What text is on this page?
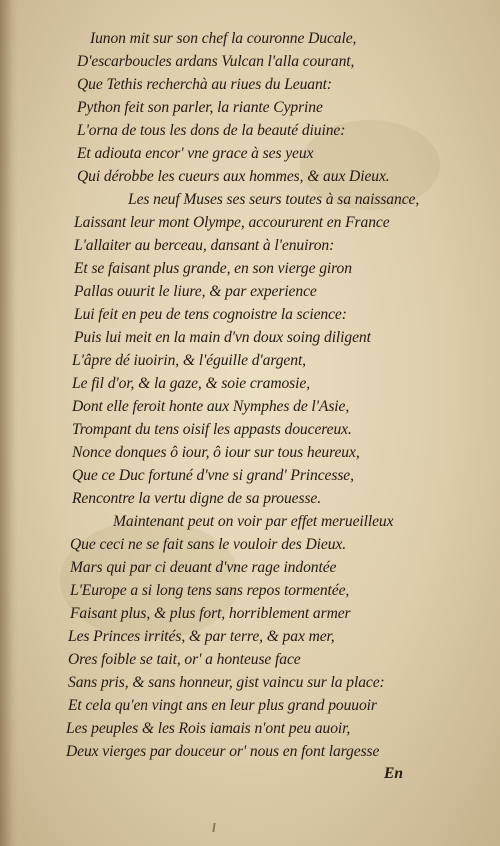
Iunon mit sur son chef la couronne Ducale,
D'escarboucles ardans Vulcan l'alla courant,
Que Tethis recherchà au riues du Leuant:
Python feit son parler, la riante Cyprine
L'orna de tous les dons de la beauté diuine:
Et adiouta encor' vne grace à ses yeux
Qui dérobbe les cueurs aux hommes, & aux Dieux.
Les neuf Muses ses seurs toutes à sa naissance,
Laissant leur mont Olympe, accoururent en France
L'allaiter au berceau, dansant à l'enuiron:
Et se faisant plus grande, en son vierge giron
Pallas ouurit le liure, & par experience
Lui feit en peu de tens cognoistre la science:
Puis lui meit en la main d'vn doux soing diligent
L'âpre dé iuoirin, & l'éguille d'argent,
Le fil d'or, & la gaze, & soie cramosie,
Dont elle feroit honte aux Nymphes de l'Asie,
Trompant du tens oisif les appasts doucereux.
Nonce donques ô iour, ô iour sur tous heureux,
Que ce Duc fortuné d'vne si grand' Princesse,
Rencontre la vertu digne de sa prouesse.
Maintenant peut on voir par effet merueilleux
Que ceci ne se fait sans le vouloir des Dieux.
Mars qui par ci deuant d'vne rage indontée
L'Europe a si long tens sans repos tormentée,
Faisant plus, & plus fort, horriblement armer
Les Princes irrités, & par terre, & pax mer,
Ores foible se tait, or' a honteuse face
Sans pris, & sans honneur, gist vaincu sur la place:
Et cela qu'en vingt ans en leur plus grand pouuoir
Les peuples & les Rois iamais n'ont peu auoir,
Deux vierges par douceur or' nous en font largesse
En
